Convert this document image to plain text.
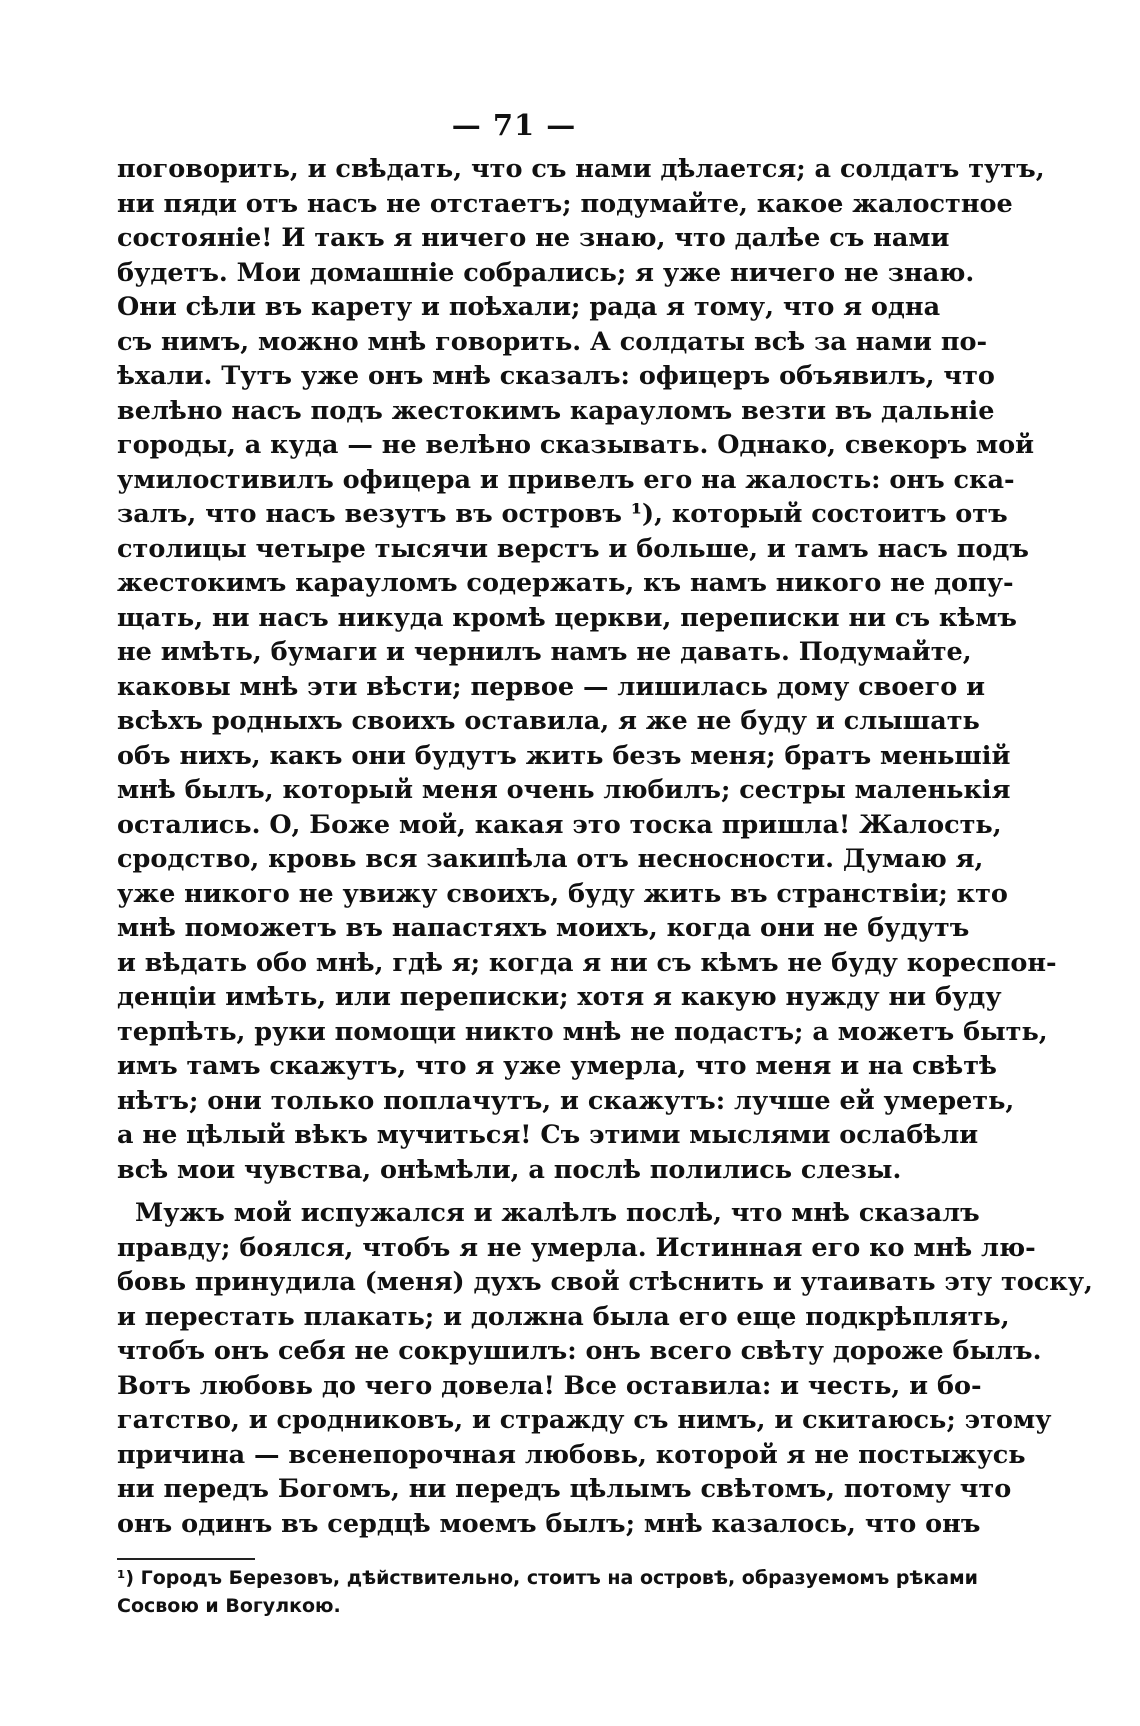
— 71 —
поговорить, и свѣдать, что съ нами дѣлается; а солдатъ тутъ,
ни пяди отъ насъ не отстаетъ; подумайте, какое жалостное
состоянiе! И такъ я ничего не знаю, что далѣе съ нами
будетъ. Мои домашнiе собрались; я уже ничего не знаю.
Они сѣли въ карету и поѣхали; рада я тому, что я одна
съ нимъ, можно мнѣ говорить. А солдаты всѣ за нами по-
ѣхали. Тутъ уже онъ мнѣ сказалъ: офицеръ объявилъ, что
велѣно насъ подъ жестокимъ карауломъ везти въ дальнiе
городы, а куда — не велѣно сказывать. Однако, свекоръ мой
умилостивилъ офицера и привелъ его на жалость: онъ ска-
залъ, что насъ везутъ въ островъ ¹), который состоитъ отъ
столицы четыре тысячи верстъ и больше, и тамъ насъ подъ
жестокимъ карауломъ содержать, къ намъ никого не допу-
щать, ни насъ никуда кромѣ церкви, переписки ни съ кѣмъ
не имѣть, бумаги и чернилъ намъ не давать. Подумайте,
каковы мнѣ эти вѣсти; первое — лишилась дому своего и
всѣхъ родныхъ своихъ оставила, я же не буду и слышать
объ нихъ, какъ они будутъ жить безъ меня; братъ меньшiй
мнѣ былъ, который меня очень любилъ; сестры маленькiя
остались. О, Боже мой, какая это тоска пришла! Жалость,
сродство, кровь вся закипѣла отъ несносности. Думаю я,
уже никого не увижу своихъ, буду жить въ странствiи; кто
мнѣ поможетъ въ напастяхъ моихъ, когда они не будутъ
и вѣдать обо мнѣ, гдѣ я; когда я ни съ кѣмъ не буду кореспон-
денцiи имѣть, или переписки; хотя я какую нужду ни буду
терпѣть, руки помощи никто мнѣ не подастъ; а можетъ быть,
имъ тамъ скажутъ, что я уже умерла, что меня и на свѣтѣ
нѣтъ; они только поплачутъ, и скажутъ: лучше ей умереть,
а не цѣлый вѣкъ мучиться! Съ этими мыслями ослабѣли
всѣ мои чувства, онѣмѣли, а послѣ полились слезы.
Мужъ мой испужался и жалѣлъ послѣ, что мнѣ сказалъ
правду; боялся, чтобъ я не умерла. Истинная его ко мнѣ лю-
бовь принудила (меня) духъ свой стѣснить и утаивать эту тоску,
и перестать плакать; и должна была его еще подкрѣплять,
чтобъ онъ себя не сокрушилъ: онъ всего свѣту дороже былъ.
Вотъ любовь до чего довела! Все оставила: и честь, и бо-
гатство, и сродниковъ, и стражду съ нимъ, и скитаюсь; этому
причина — всенепорочная любовь, которой я не постыжусь
ни передъ Богомъ, ни передъ цѣлымъ свѣтомъ, потому что
онъ одинъ въ сердцѣ моемъ былъ; мнѣ казалось, что онъ
¹) Городъ Березовъ, дѣйствительно, стоитъ на островѣ, образуемомъ рѣками
Сосвою и Вогулкою.
